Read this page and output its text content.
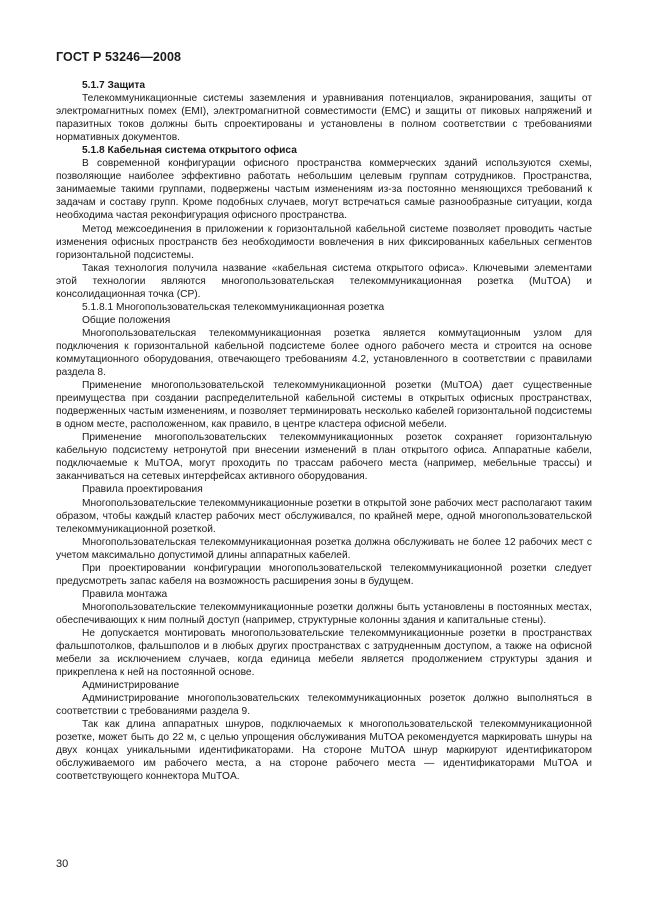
ГОСТ Р 53246—2008

5.1.7 Защита

Телекоммуникационные системы заземления и уравнивания потенциалов, экранирования, защиты от электромагнитных помех (EMI), электромагнитной совместимости (EMC) и защиты от пиковых напряжений и паразитных токов должны быть спроектированы и установлены в полном соответствии с требованиями нормативных документов.

5.1.8 Кабельная система открытого офиса

В современной конфигурации офисного пространства коммерческих зданий используются схемы, позволяющие наиболее эффективно работать небольшим целевым группам сотрудников. Пространства, занимаемые такими группами, подвержены частым изменениям из-за постоянно меняющихся требований к задачам и составу групп. Кроме подобных случаев, могут встречаться самые разнообразные ситуации, когда необходима частая реконфигурация офисного пространства.

Метод межсоединения в приложении к горизонтальной кабельной системе позволяет проводить частые изменения офисных пространств без необходимости вовлечения в них фиксированных кабельных сегментов горизонтальной подсистемы.

Такая технология получила название «кабельная система открытого офиса». Ключевыми элементами этой технологии являются многопользовательская телекоммуникационная розетка (MuTOA) и консолидационная точка (CP).

5.1.8.1 Многопользовательская телекоммуникационная розетка

Общие положения

Многопользовательская телекоммуникационная розетка является коммутационным узлом для подключения к горизонтальной кабельной подсистеме более одного рабочего места и строится на основе коммутационного оборудования, отвечающего требованиям 4.2, установленного в соответствии с правилами раздела 8.

Применение многопользовательской телекоммуникационной розетки (MuTOA) дает существенные преимущества при создании распределительной кабельной системы в открытых офисных пространствах, подверженных частым изменениям, и позволяет терминировать несколько кабелей горизонтальной подсистемы в одном месте, расположенном, как правило, в центре кластера офисной мебели.

Применение многопользовательских телекоммуникационных розеток сохраняет горизонтальную кабельную подсистему нетронутой при внесении изменений в план открытого офиса. Аппаратные кабели, подключаемые к MuTOA, могут проходить по трассам рабочего места (например, мебельные трассы) и заканчиваться на сетевых интерфейсах активного оборудования.

Правила проектирования

Многопользовательские телекоммуникационные розетки в открытой зоне рабочих мест располагают таким образом, чтобы каждый кластер рабочих мест обслуживался, по крайней мере, одной многопользовательской телекоммуникационной розеткой.

Многопользовательская телекоммуникационная розетка должна обслуживать не более 12 рабочих мест с учетом максимально допустимой длины аппаратных кабелей.

При проектировании конфигурации многопользовательской телекоммуникационной розетки следует предусмотреть запас кабеля на возможность расширения зоны в будущем.

Правила монтажа

Многопользовательские телекоммуникационные розетки должны быть установлены в постоянных местах, обеспечивающих к ним полный доступ (например, структурные колонны здания и капитальные стены).

Не допускается монтировать многопользовательские телекоммуникационные розетки в пространствах фальшпотолков, фальшполов и в любых других пространствах с затрудненным доступом, а также на офисной мебели за исключением случаев, когда единица мебели является продолжением структуры здания и прикреплена к ней на постоянной основе.

Администрирование

Администрирование многопользовательских телекоммуникационных розеток должно выполняться в соответствии с требованиями раздела 9.

Так как длина аппаратных шнуров, подключаемых к многопользовательской телекоммуникационной розетке, может быть до 22 м, с целью упрощения обслуживания MuTOA рекомендуется маркировать шнуры на двух концах уникальными идентификаторами. На стороне MuTOA шнур маркируют идентификатором обслуживаемого им рабочего места, а на стороне рабочего места — идентификаторами MuTOA и соответствующего коннектора MuTOA.

30
